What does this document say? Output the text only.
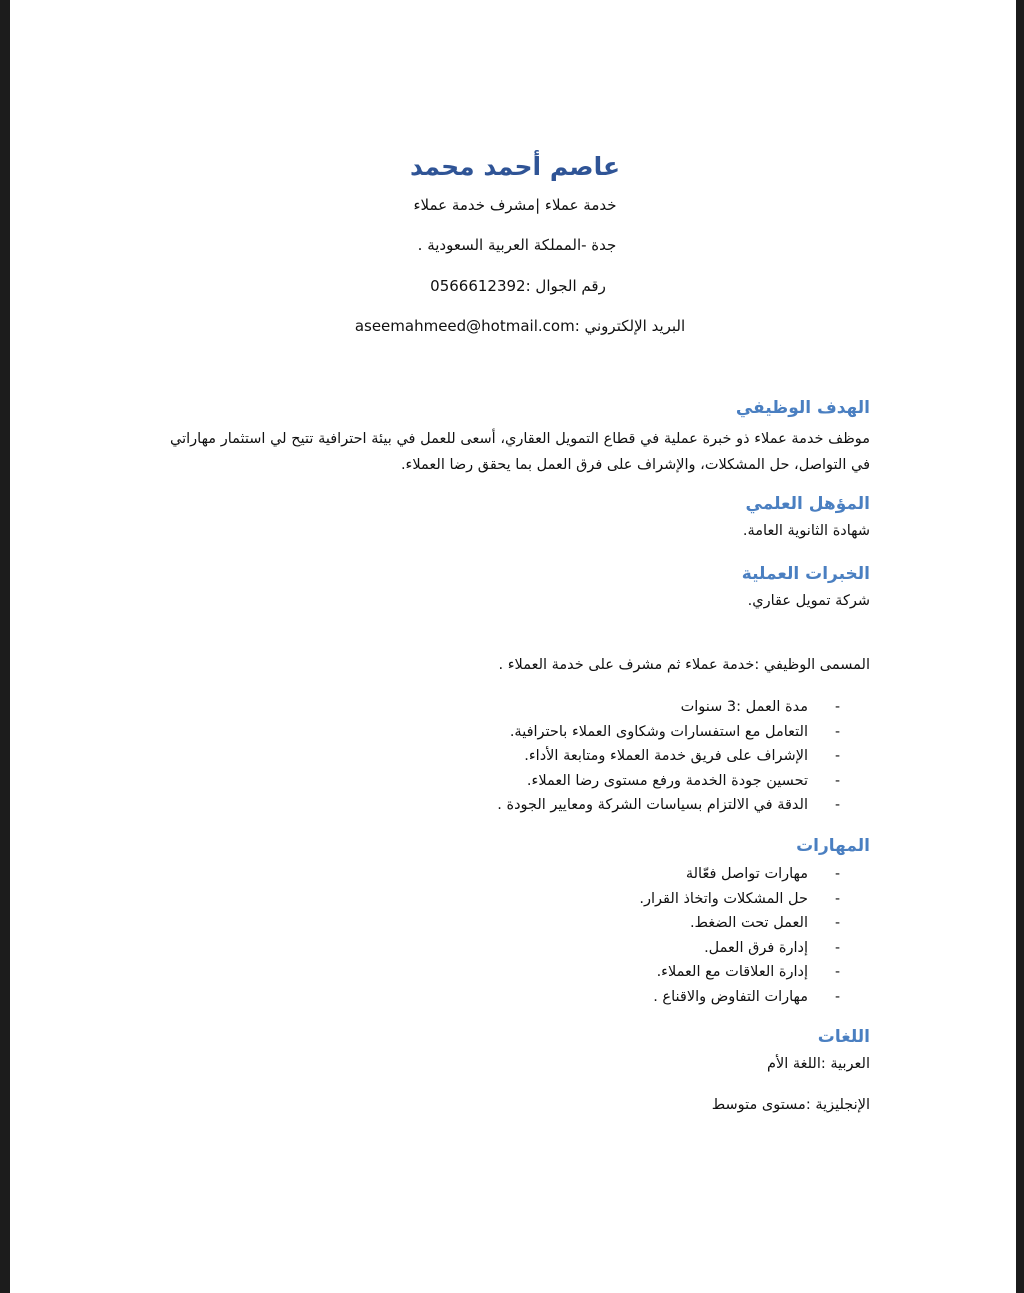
عاصم أحمد محمد
خدمة عملاء |مشرف خدمة عملاء
جدة -المملكة العربية السعودية .
رقم الجوال :0566612392
البريد الإلكتروني :aseemahmeed@hotmail.com
الهدف الوظيفي
موظف خدمة عملاء ذو خبرة عملية في قطاع التمويل العقاري، أسعى للعمل في بيئة احترافية تتيح لي استثمار مهاراتي في التواصل، حل المشكلات، والإشراف على فرق العمل بما يحقق رضا العملاء.
المؤهل العلمي
شهادة الثانوية العامة.
الخبرات العملية
شركة تمويل عقاري.
المسمى الوظيفي :خدمة عملاء ثم مشرف على خدمة العملاء .
-
مدة العمل :3 سنوات
-
التعامل مع استفسارات وشكاوى العملاء باحترافية.
-
الإشراف على فريق خدمة العملاء ومتابعة الأداء.
-
تحسين جودة الخدمة ورفع مستوى رضا العملاء.
-
الدقة في الالتزام بسياسات الشركة ومعايير الجودة .
المهارات
-
مهارات تواصل فعّالة
-
حل المشكلات واتخاذ القرار.
-
العمل تحت الضغط.
-
إدارة فرق العمل.
-
إدارة العلاقات مع العملاء.
-
مهارات التفاوض والاقناع .
اللغات
العربية :اللغة الأم
الإنجليزية :مستوى متوسط
